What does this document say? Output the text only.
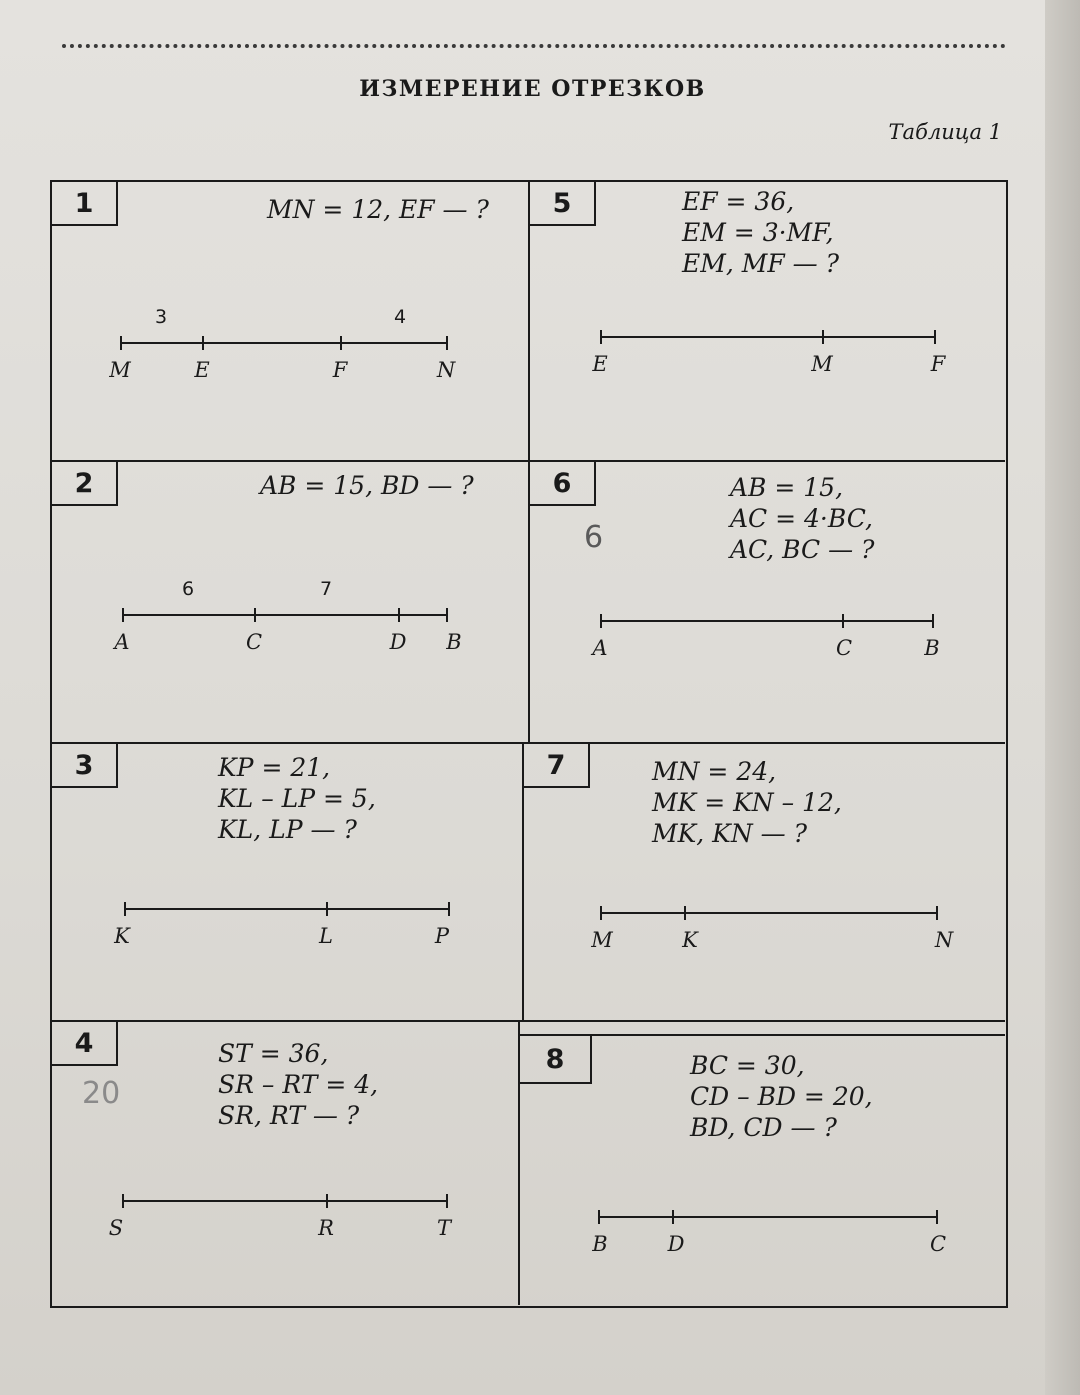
ИЗМЕРЕНИЕ ОТРЕЗКОВ
Таблица 1
1	MN = 12, EF — ?
3	4
M	E	F	N
5	EF = 36,
EM = 3·MF,
EM, MF — ?
E	M	F
2	AB = 15, BD — ?
6	7
A	C	D B
6	AB = 15,
AC = 4·BC,
AC, BC — ?
6
A	C	B
3	KP = 21,
KL – LP = 5,
KL, LP — ?
K	L	P
7	MN = 24,
MK = KN – 12,
MK, KN — ?
M	K	N
4	ST = 36,
SR – RT = 4,
SR, RT — ?
20
S	R	T
8	BC = 30,
CD – BD = 20,
BD, CD — ?
B	D	C
